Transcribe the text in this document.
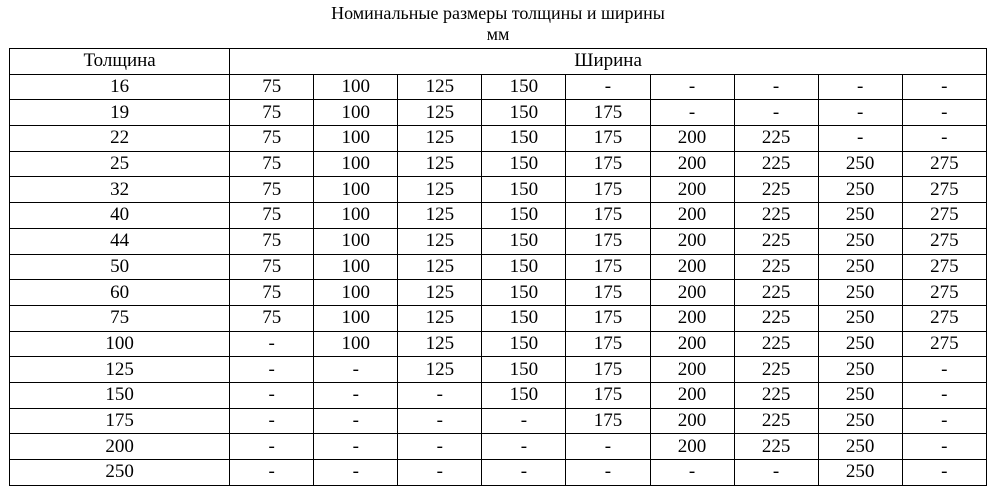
Номинальные размеры толщины и ширины
мм
Толщина	Ширина								
16	75	100	125	150	-	-	-	-	-
19	75	100	125	150	175	-	-	-	-
22	75	100	125	150	175	200	225	-	-
25	75	100	125	150	175	200	225	250	275
32	75	100	125	150	175	200	225	250	275
40	75	100	125	150	175	200	225	250	275
44	75	100	125	150	175	200	225	250	275
50	75	100	125	150	175	200	225	250	275
60	75	100	125	150	175	200	225	250	275
75	75	100	125	150	175	200	225	250	275
100	-	100	125	150	175	200	225	250	275
125	-	-	125	150	175	200	225	250	-
150	-	-	-	150	175	200	225	250	-
175	-	-	-	-	175	200	225	250	-
200	-	-	-	-	-	200	225	250	-
250	-	-	-	-	-	-	-	250	-
